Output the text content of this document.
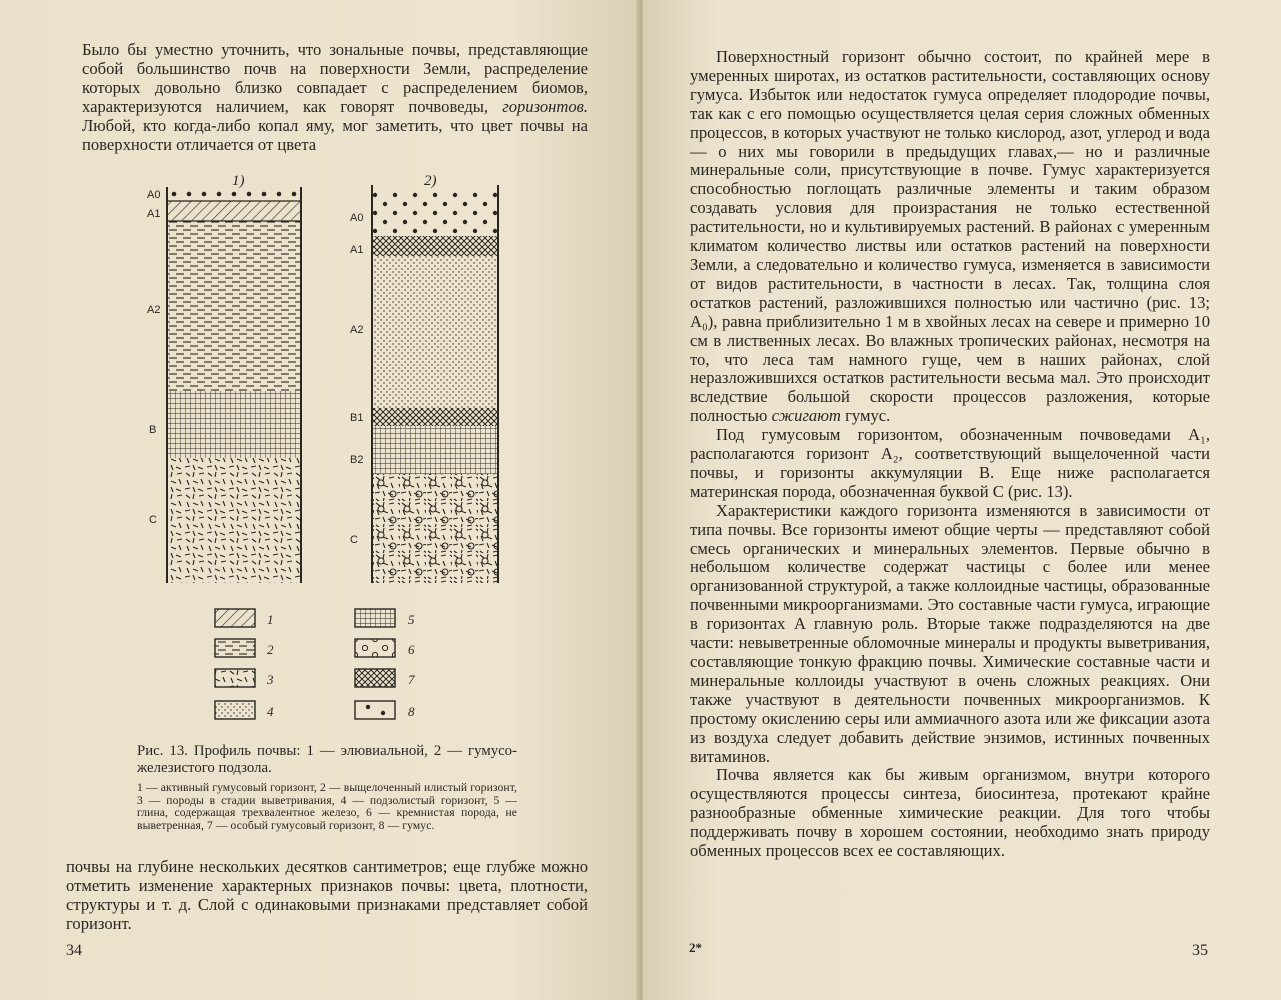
Было бы уместно уточнить, что зональные почвы, представляющие собой большинство почв на поверхности Земли, распределение которых довольно близко совпадает с распределением биомов, характеризуются наличием, как говорят почвоведы, горизонтов. Любой, кто когда-либо копал яму, мог заметить, что цвет почвы на поверхности отличается от цвета

1)
A0
A1
A2
B
C
2)
A0
A1
A2
B1
B2
C
1
2
3
4
5
6
7
8

Рис. 13. Профиль почвы: 1 — элювиальной, 2 — гумусо-железистого подзола.

1 — активный гумусовый горизонт, 2 — выщелоченный илистый горизонт, 3 — породы в стадии выветривания, 4 — подзолистый горизонт, 5 — глина, содержащая трехвалентное железо, 6 — кремнистая порода, не выветренная, 7 — особый гумусовый горизонт, 8 — гумус.

почвы на глубине нескольких десятков сантиметров; еще глубже можно отметить изменение характерных признаков почвы: цвета, плотности, структуры и т. д. Слой с одинаковыми признаками представляет собой горизонт.

34

Поверхностный горизонт обычно состоит, по крайней мере в умеренных широтах, из остатков растительности, составляющих основу гумуса. Избыток или недостаток гумуса определяет плодородие почвы, так как с его помощью осуществляется целая серия сложных обменных процессов, в которых участвуют не только кислород, азот, углерод и вода — о них мы говорили в предыдущих главах,— но и различные минеральные соли, присутствующие в почве. Гумус характеризуется способностью поглощать различные элементы и таким образом создавать условия для произрастания не только естественной растительности, но и культивируемых растений. В районах с умеренным климатом количество листвы или остатков растений на поверхности Земли, а следовательно и количество гумуса, изменяется в зависимости от видов растительности, в частности в лесах. Так, толщина слоя остатков растений, разложившихся полностью или частично (рис. 13; A₀), равна приблизительно 1 м в хвойных лесах на севере и примерно 10 см в лиственных лесах. Во влажных тропических районах, несмотря на то, что леса там намного гуще, чем в наших районах, слой неразложившихся остатков растительности весьма мал. Это происходит вследствие большой скорости процессов разложения, которые полностью сжигают гумус.

Под гумусовым горизонтом, обозначенным почвоведами A₁, располагаются горизонт A₂, соответствующий выщелоченной части почвы, и горизонты аккумуляции B. Еще ниже располагается материнская порода, обозначенная буквой C (рис. 13).

Характеристики каждого горизонта изменяются в зависимости от типа почвы. Все горизонты имеют общие черты — представляют собой смесь органических и минеральных элементов. Первые обычно в небольшом количестве содержат частицы с более или менее организованной структурой, а также коллоидные частицы, образованные почвенными микроорганизмами. Это составные части гумуса, играющие в горизонтах A главную роль. Вторые также подразделяются на две части: невыветренные обломочные минералы и продукты выветривания, составляющие тонкую фракцию почвы. Химические составные части и минеральные коллоиды участвуют в очень сложных реакциях. Они также участвуют в деятельности почвенных микроорганизмов. К простому окислению серы или аммиачного азота или же фиксации азота из воздуха следует добавить действие энзимов, истинных почвенных витаминов.

Почва является как бы живым организмом, внутри которого осуществляются процессы синтеза, биосинтеза, протекают крайне разнообразные обменные химические реакции. Для того чтобы поддерживать почву в хорошем состоянии, необходимо знать природу обменных процессов всех ее составляющих.

2*	35
